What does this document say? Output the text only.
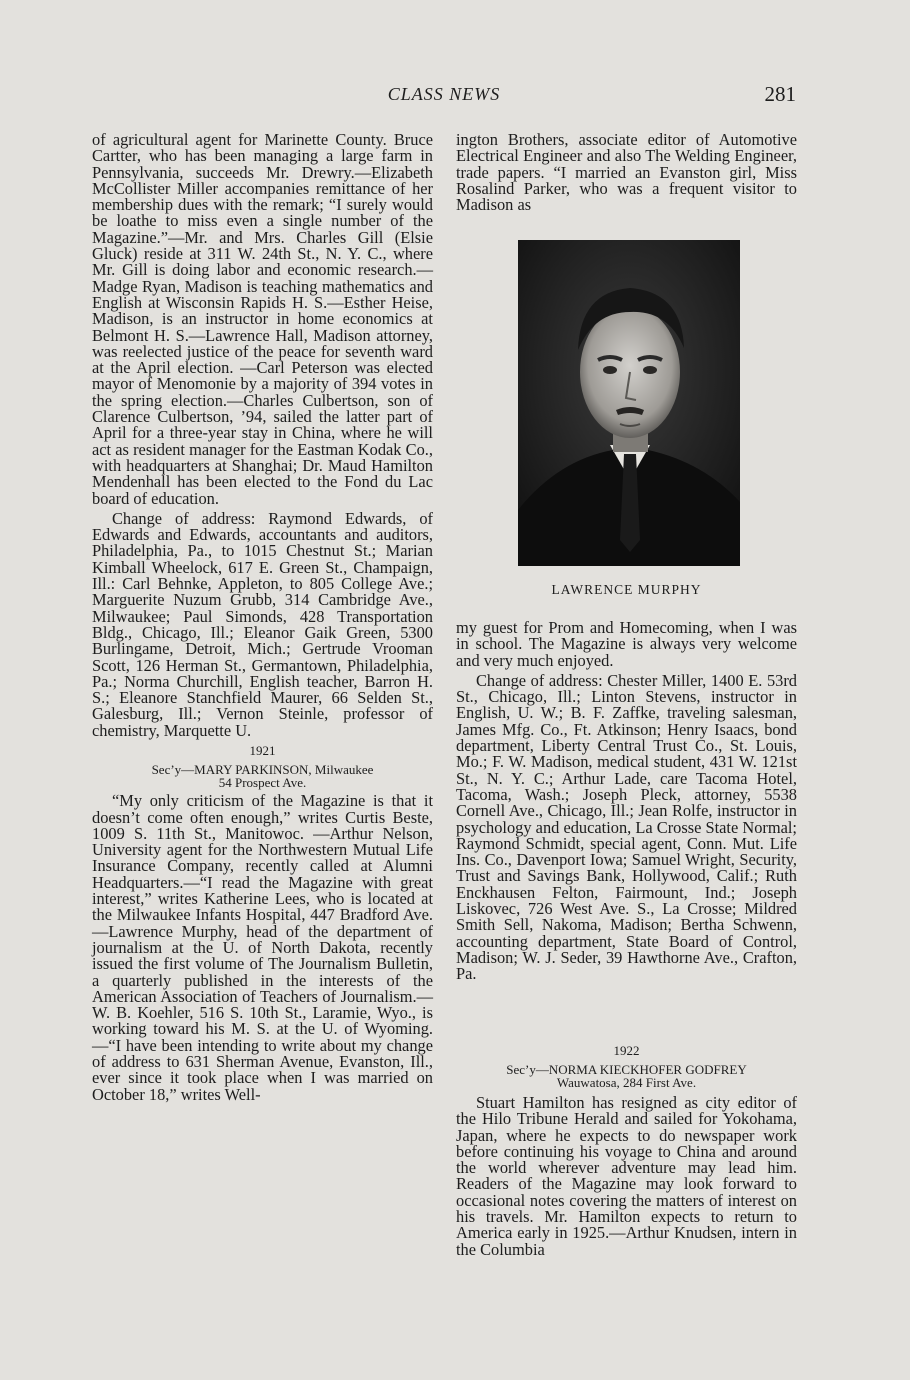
CLASS NEWS	281

of agricultural agent for Marinette County. Bruce Cartter, who has been managing a large farm in Pennsylvania, succeeds Mr. Drewry.—Elizabeth McCollister Miller accompanies remittance of her membership dues with the remark; “I surely would be loathe to miss even a single number of the Magazine.”—Mr. and Mrs. Charles Gill (Elsie Gluck) reside at 311 W. 24th St., N. Y. C., where Mr. Gill is doing labor and economic research.—Madge Ryan, Madison is teaching mathematics and English at Wisconsin Rapids H. S.—Esther Heise, Madison, is an instructor in home economics at Belmont H. S.—Lawrence Hall, Madison attorney, was reelected justice of the peace for seventh ward at the April election. —Carl Peterson was elected mayor of Menomonie by a majority of 394 votes in the spring election.—Charles Culbertson, son of Clarence Culbertson, ’94, sailed the latter part of April for a three-year stay in China, where he will act as resident manager for the Eastman Kodak Co., with headquarters at Shanghai; Dr. Maud Hamilton Mendenhall has been elected to the Fond du Lac board of education.

Change of address: Raymond Edwards, of Edwards and Edwards, accountants and auditors, Philadelphia, Pa., to 1015 Chestnut St.; Marian Kimball Wheelock, 617 E. Green St., Champaign, Ill.: Carl Behnke, Appleton, to 805 College Ave.; Marguerite Nuzum Grubb, 314 Cambridge Ave., Milwaukee; Paul Simonds, 428 Transportation Bldg., Chicago, Ill.; Eleanor Gaik Green, 5300 Burlingame, Detroit, Mich.; Gertrude Vrooman Scott, 126 Herman St., Germantown, Philadelphia, Pa.; Norma Churchill, English teacher, Barron H. S.; Eleanore Stanchfield Maurer, 66 Selden St., Galesburg, Ill.; Vernon Steinle, professor of chemistry, Marquette U.

1921

Sec’y—MARY PARKINSON, Milwaukee
54 Prospect Ave.

“My only criticism of the Magazine is that it doesn’t come often enough,” writes Curtis Beste, 1009 S. 11th St., Manitowoc. —Arthur Nelson, University agent for the Northwestern Mutual Life Insurance Company, recently called at Alumni Headquarters.—“I read the Magazine with great interest,” writes Katherine Lees, who is located at the Milwaukee Infants Hospital, 447 Bradford Ave.—Lawrence Murphy, head of the department of journalism at the U. of North Dakota, recently issued the first volume of The Journalism Bulletin, a quarterly published in the interests of the American Association of Teachers of Journalism.—W. B. Koehler, 516 S. 10th St., Laramie, Wyo., is working toward his M. S. at the U. of Wyoming.—“I have been intending to write about my change of address to 631 Sherman Avenue, Evanston, Ill., ever since it took place when I was married on October 18,” writes Well-

ington Brothers, associate editor of Automotive Electrical Engineer and also The Welding Engineer, trade papers. “I married an Evanston girl, Miss Rosalind Parker, who was a frequent visitor to Madison as

LAWRENCE MURPHY

my guest for Prom and Homecoming, when I was in school. The Magazine is always very welcome and very much enjoyed.

Change of address: Chester Miller, 1400 E. 53rd St., Chicago, Ill.; Linton Stevens, instructor in English, U. W.; B. F. Zaffke, traveling salesman, James Mfg. Co., Ft. Atkinson; Henry Isaacs, bond department, Liberty Central Trust Co., St. Louis, Mo.; F. W. Madison, medical student, 431 W. 121st St., N. Y. C.; Arthur Lade, care Tacoma Hotel, Tacoma, Wash.; Joseph Pleck, attorney, 5538 Cornell Ave., Chicago, Ill.; Jean Rolfe, instructor in psychology and education, La Crosse State Normal; Raymond Schmidt, special agent, Conn. Mut. Life Ins. Co., Davenport Iowa; Samuel Wright, Security, Trust and Savings Bank, Hollywood, Calif.; Ruth Enckhausen Felton, Fairmount, Ind.; Joseph Liskovec, 726 West Ave. S., La Crosse; Mildred Smith Sell, Nakoma, Madison; Bertha Schwenn, accounting department, State Board of Control, Madison; W. J. Seder, 39 Hawthorne Ave., Crafton, Pa.

1922

Sec’y—NORMA KIECKHOFER GODFREY
Wauwatosa, 284 First Ave.

Stuart Hamilton has resigned as city editor of the Hilo Tribune Herald and sailed for Yokohama, Japan, where he expects to do newspaper work before continuing his voyage to China and around the world wherever adventure may lead him. Readers of the Magazine may look forward to occasional notes covering the matters of interest on his travels. Mr. Hamilton expects to return to America early in 1925.—Arthur Knudsen, intern in the Columbia
